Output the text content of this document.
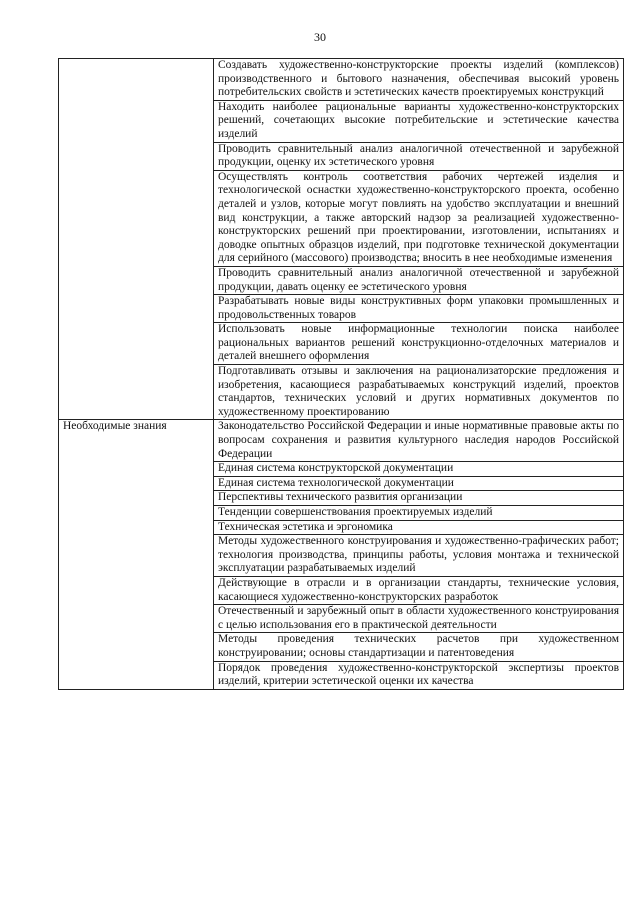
30
	Создавать художественно-конструкторские проекты изделий (комплексов) производственного и бытового назначения, обеспечивая высокий уровень потребительских свойств и эстетических качеств проектируемых конструкций
	Находить наиболее рациональные варианты художественно-конструкторских решений, сочетающих высокие потребительские и эстетические качества изделий
	Проводить сравнительный анализ аналогичной отечественной и зарубежной продукции, оценку их эстетического уровня
	Осуществлять контроль соответствия рабочих чертежей изделия и технологической оснастки художественно-конструкторского проекта, особенно деталей и узлов, которые могут повлиять на удобство эксплуатации и внешний вид конструкции, а также авторский надзор за реализацией художественно-конструкторских решений при проектировании, изготовлении, испытаниях и доводке опытных образцов изделий, при подготовке технической документации для серийного (массового) производства; вносить в нее необходимые изменения
	Проводить сравнительный анализ аналогичной отечественной и зарубежной продукции, давать оценку ее эстетического уровня
	Разрабатывать новые виды конструктивных форм упаковки промышленных и продовольственных товаров
	Использовать новые информационные технологии поиска наиболее рациональных вариантов решений конструкционно-отделочных материалов и деталей внешнего оформления
	Подготавливать отзывы и заключения на рационализаторские предложения и изобретения, касающиеся разрабатываемых конструкций изделий, проектов стандартов, технических условий и других нормативных документов по художественному проектированию
Необходимые знания	Законодательство Российской Федерации и иные нормативные правовые акты по вопросам сохранения и развития культурного наследия народов Российской Федерации
	Единая система конструкторской документации
	Единая система технологической документации
	Перспективы технического развития организации
	Тенденции совершенствования проектируемых изделий
	Техническая эстетика и эргономика
	Методы художественного конструирования и художественно-графических работ; технология производства, принципы работы, условия монтажа и технической эксплуатации разрабатываемых изделий
	Действующие в отрасли и в организации стандарты, технические условия, касающиеся художественно-конструкторских разработок
	Отечественный и зарубежный опыт в области художественного конструирования с целью использования его в практической деятельности
	Методы проведения технических расчетов при художественном конструировании; основы стандартизации и патентоведения
	Порядок проведения художественно-конструкторской экспертизы проектов изделий, критерии эстетической оценки их качества
